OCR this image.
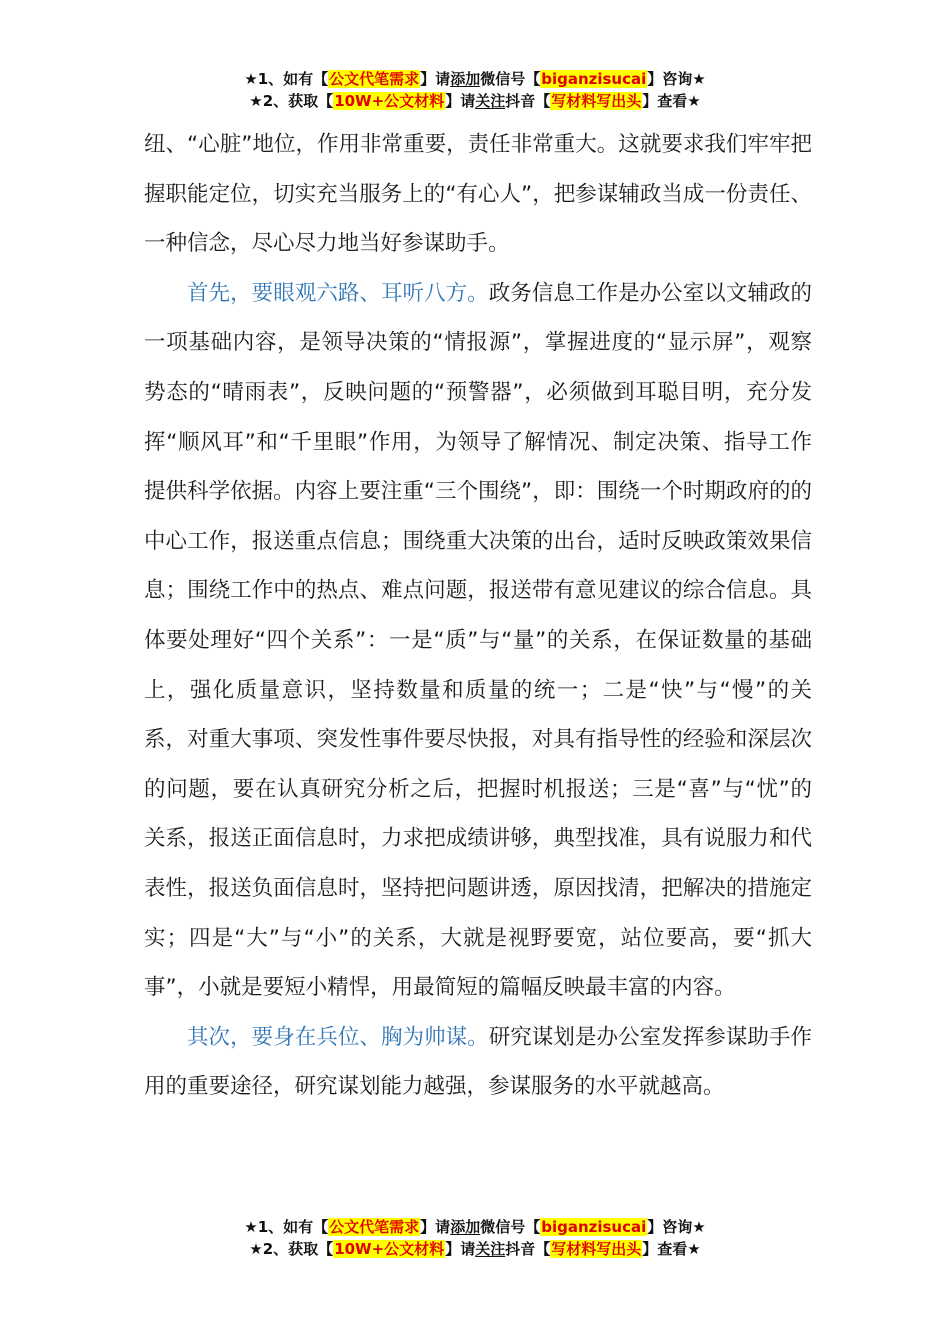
★1、如有【公文代笔需求】请添加微信号【biganzisucai】咨询★
★2、获取【10W+公文材料】请关注抖音【写材料写出头】查看★

纽、“心脏”地位，作用非常重要，责任非常重大。这就要求我们牢牢把握职能定位，切实充当服务上的“有心人”，把参谋辅政当成一份责任、一种信念，尽心尽力地当好参谋助手。

首先，要眼观六路、耳听八方。政务信息工作是办公室以文辅政的一项基础内容，是领导决策的“情报源”，掌握进度的“显示屏”，观察势态的“晴雨表”，反映问题的“预警器”，必须做到耳聪目明，充分发挥“顺风耳”和“千里眼”作用，为领导了解情况、制定决策、指导工作提供科学依据。内容上要注重“三个围绕”，即：围绕一个时期政府的的中心工作，报送重点信息；围绕重大决策的出台，适时反映政策效果信息；围绕工作中的热点、难点问题，报送带有意见建议的综合信息。具体要处理好“四个关系”：一是“质”与“量”的关系，在保证数量的基础上，强化质量意识，坚持数量和质量的统一；二是“快”与“慢”的关系，对重大事项、突发性事件要尽快报，对具有指导性的经验和深层次的问题，要在认真研究分析之后，把握时机报送；三是“喜”与“忧”的关系，报送正面信息时，力求把成绩讲够，典型找准，具有说服力和代表性，报送负面信息时，坚持把问题讲透，原因找清，把解决的措施定实；四是“大”与“小”的关系，大就是视野要宽，站位要高，要“抓大事”，小就是要短小精悍，用最简短的篇幅反映最丰富的内容。

其次，要身在兵位、胸为帅谋。研究谋划是办公室发挥参谋助手作用的重要途径，研究谋划能力越强，参谋服务的水平就越高。

★1、如有【公文代笔需求】请添加微信号【biganzisucai】咨询★
★2、获取【10W+公文材料】请关注抖音【写材料写出头】查看★
